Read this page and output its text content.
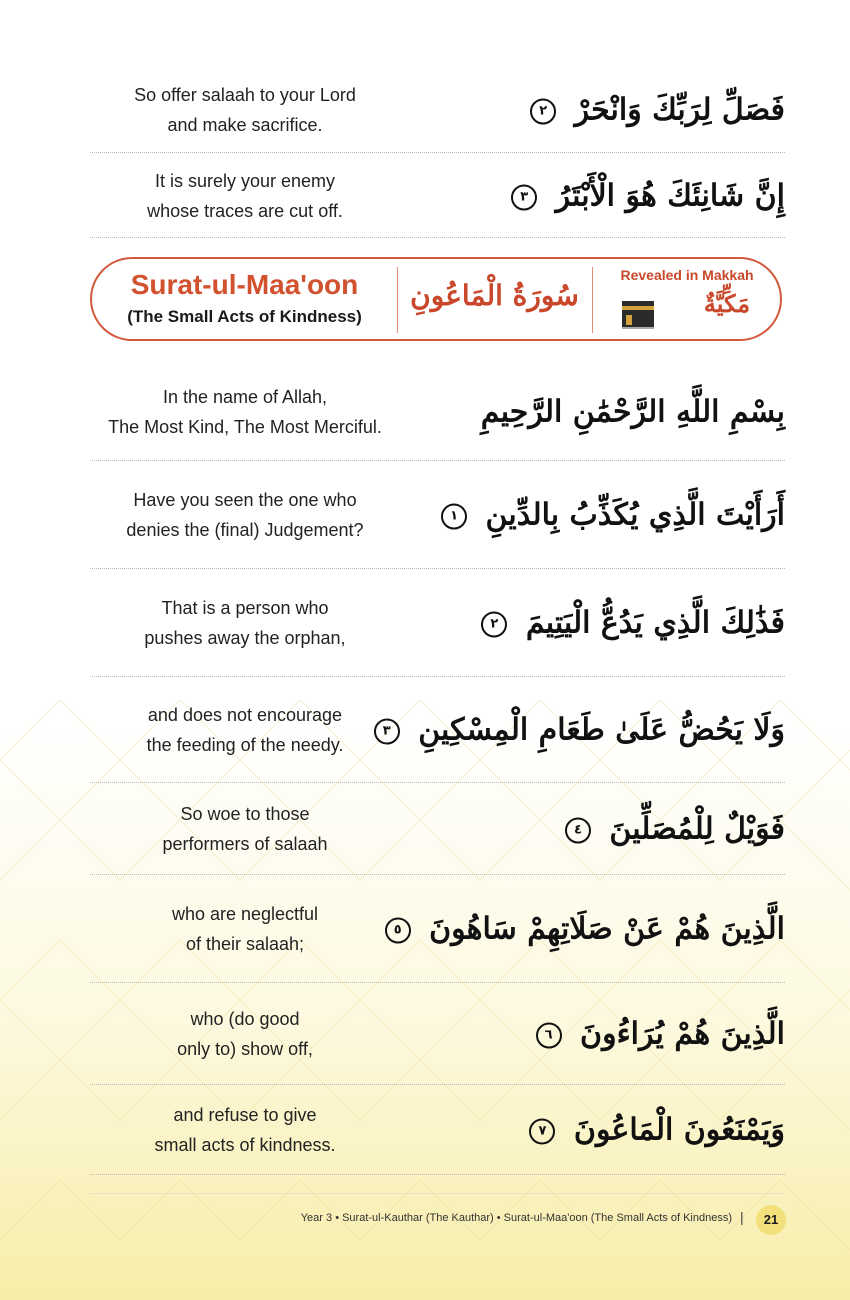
So offer salaah to your Lord
and make sacrifice.	فَصَلِّ لِرَبِّكَ وَانْحَرْ ٢
It is surely your enemy
whose traces are cut off.	إِنَّ شَانِئَكَ هُوَ الْأَبْتَرُ ٣
Surat-ul-Maa'oon
(The Small Acts of Kindness)
سُورَةُ الْمَاعُونِ
Revealed in Makkah
مَكِّيَّةٌ
In the name of Allah,
The Most Kind, The Most Merciful.	بِسْمِ اللَّهِ الرَّحْمَٰنِ الرَّحِيمِ
Have you seen the one who
denies the (final) Judgement?	أَرَأَيْتَ الَّذِي يُكَذِّبُ بِالدِّينِ ١
That is a person who
pushes away the orphan,	فَذَٰلِكَ الَّذِي يَدُعُّ الْيَتِيمَ ٢
and does not encourage
the feeding of the needy.	وَلَا يَحُضُّ عَلَىٰ طَعَامِ الْمِسْكِينِ ٣
So woe to those
performers of salaah	فَوَيْلٌ لِلْمُصَلِّينَ ٤
who are neglectful
of their salaah;	الَّذِينَ هُمْ عَنْ صَلَاتِهِمْ سَاهُونَ ٥
who (do good
only to) show off,	الَّذِينَ هُمْ يُرَاءُونَ ٦
and refuse to give
small acts of kindness.	وَيَمْنَعُونَ الْمَاعُونَ ٧
Year 3 • Surat-ul-Kauthar (The Kauthar) • Surat-ul-Maa'oon (The Small Acts of Kindness) |	21
